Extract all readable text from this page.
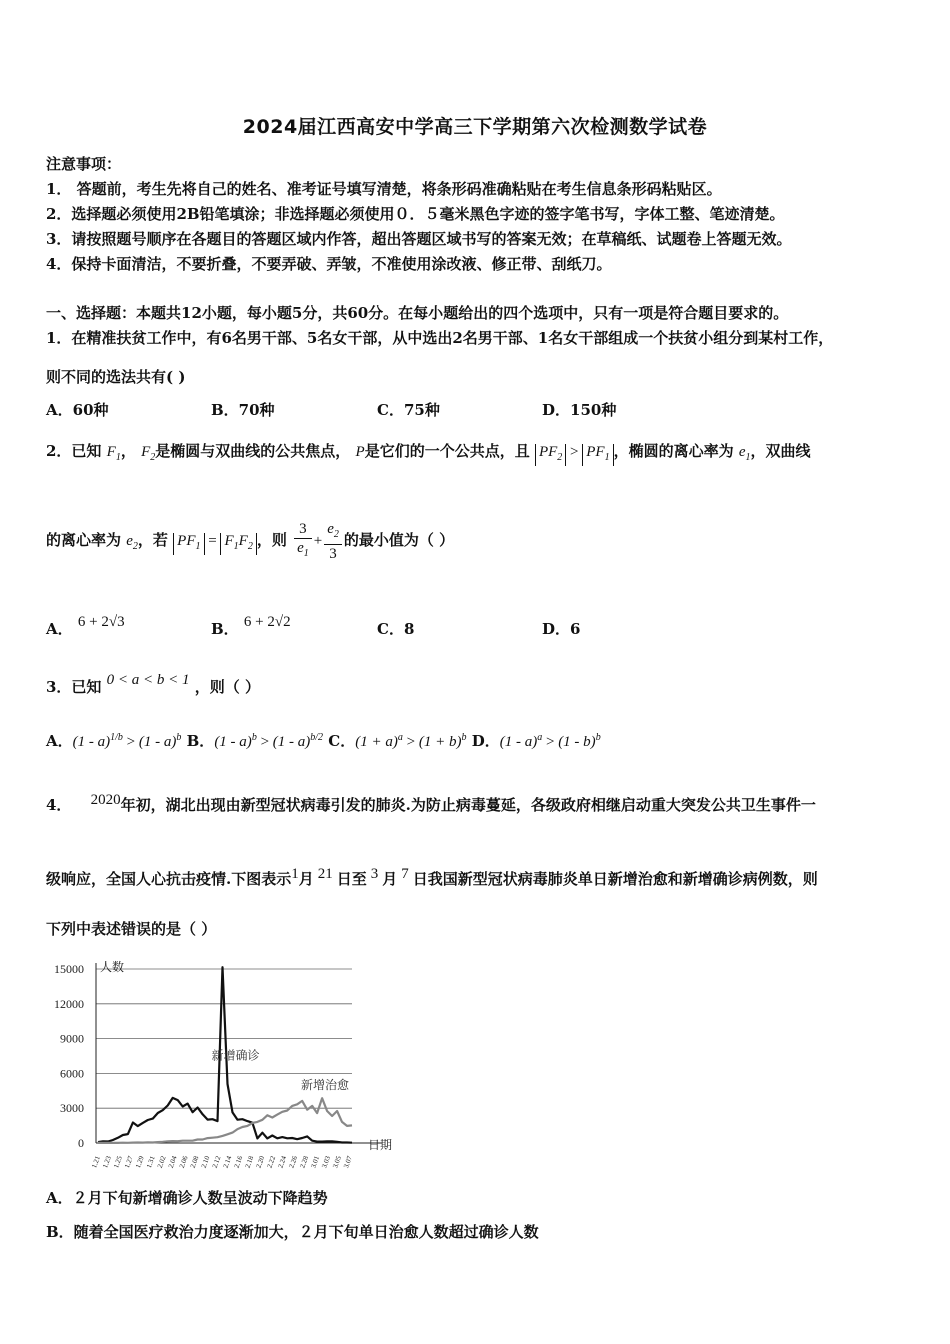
2024届江西高安中学高三下学期第六次检测数学试卷
注意事项：
1． 答题前，考生先将自己的姓名、准考证号填写清楚，将条形码准确粘贴在考生信息条形码粘贴区。
2．选择题必须使用2B铅笔填涂；非选择题必须使用０．５毫米黑色字迹的签字笔书写，字体工整、笔迹清楚。
3．请按照题号顺序在各题目的答题区域内作答，超出答题区域书写的答案无效；在草稿纸、试题卷上答题无效。
4．保持卡面清洁，不要折叠，不要弄破、弄皱，不准使用涂改液、修正带、刮纸刀。
一、选择题：本题共12小题，每小题5分，共60分。在每小题给出的四个选项中，只有一项是符合题目要求的。
1．在精准扶贫工作中，有6名男干部、5名女干部，从中选出2名男干部、1名女干部组成一个扶贫小组分到某村工作，
则不同的选法共有( )
A．60种	B．70种	C．75种	D．150种
2．已知 $F_1$， $F_2$是椭圆与双曲线的公共焦点， P是它们的一个公共点，且 $PF_2 > PF_1$ ，椭圆的离心率为 $e_1$，双曲线
的离心率为 $e_2$，若 $PF_1 = F_1F_2$ ，则 $\frac{3}{e_1} + \frac{e_2}{3}$ 的最小值为（ ）
A． 6 + 2√3	B． 6 + 2√2	C．8	D．6
3．已知 0 < a < b < 1 ，则（ ）
A．(1 - a)$^{1/b}$ > (1 - a)$^b$ B．(1 - a)$^b$ > (1 - a)$^{b/2}$ C．$(1 + a)^a > (1 + b)^b$ D．(1 - a)$^a$ > (1 - b)$^b$
4． 2020年初，湖北出现由新型冠状病毒引发的肺炎.为防止病毒蔓延，各级政府相继启动重大突发公共卫生事件一
级响应，全国人心抗击疫情.下图表示1月 21 日至 3 月 7 日我国新型冠状病毒肺炎单日新增治愈和新增确诊病例数，则
下列中表述错误的是（ ）
0
3000
6000
9000
12000
15000 人数
日期
1.21 1.23 1.25 1.27 1.29 1.31 2.02 2.04 2.06 2.08 2.10 2.12 2.14 2.16 2.18 2.20 2.22 2.24 2.26 2.28 3.01 3.03 3.05 3.07
新增确诊
新增治愈
A．２月下旬新增确诊人数呈波动下降趋势
B．随着全国医疗救治力度逐渐加大，２月下旬单日治愈人数超过确诊人数
